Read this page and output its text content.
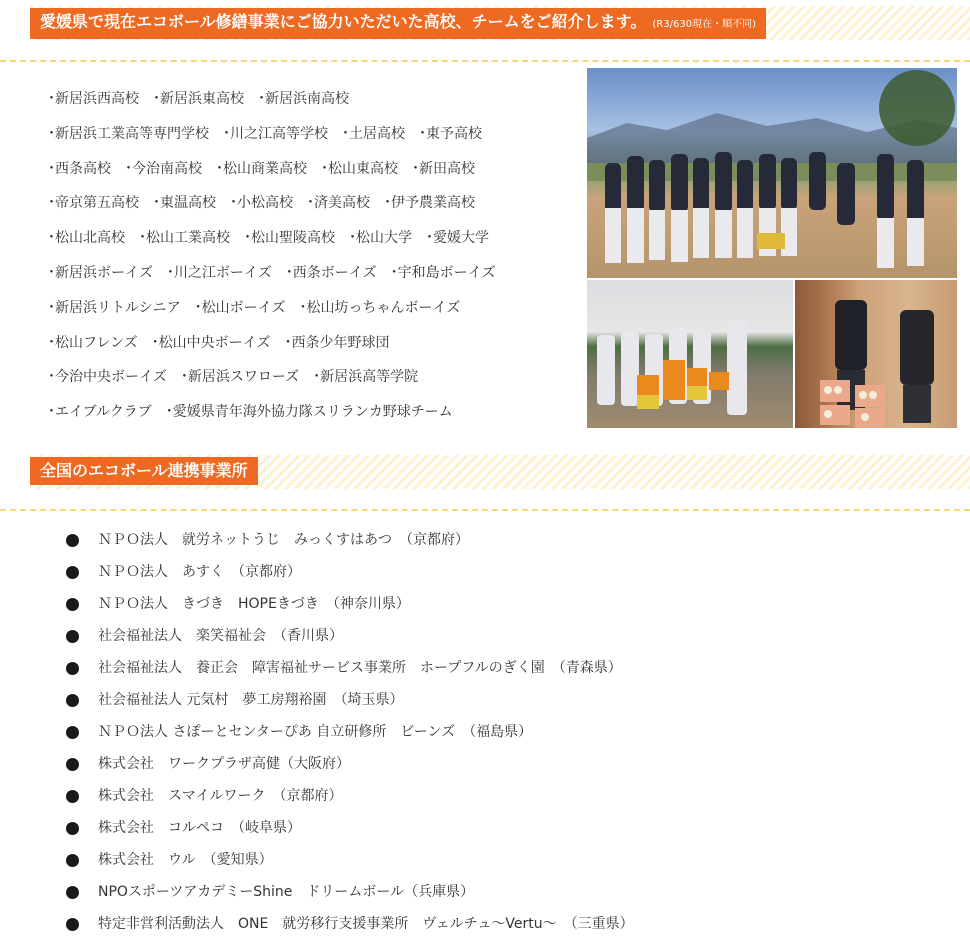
愛媛県で現在エコボール修繕事業にご協力いただいた高校、チームをご紹介します。 (R3/630現在・順不同)
･新居浜西高校　･新居浜東高校　･新居浜南高校
･新居浜工業高等専門学校　･川之江高等学校　･土居高校　･東予高校
･西条高校　･今治南高校　･松山商業高校　･松山東高校　･新田高校
･帝京第五高校　･東温高校　･小松高校　･済美高校　･伊予農業高校
･松山北高校　･松山工業高校　･松山聖陵高校　･松山大学　･愛媛大学
･新居浜ボーイズ　･川之江ボーイズ　･西条ボーイズ　･宇和島ボーイズ
･新居浜リトルシニア　･松山ボーイズ　･松山坊っちゃんボーイズ
･松山フレンズ　･松山中央ボーイズ　･西条少年野球団
･今治中央ボーイズ　･新居浜スワローズ　･新居浜高等学院
･エイブルクラブ　･愛媛県青年海外協力隊スリランカ野球チーム
全国のエコボール連携事業所
ＮＰＯ法人　就労ネットうじ　みっくすはあつ　（京都府）
ＮＰＯ法人　あすく　（京都府）
ＮＰＯ法人　きづき　HOPEきづき　（神奈川県）
社会福祉法人　楽笑福祉会　（香川県）
社会福祉法人　養正会　障害福祉サービス事業所　ホープフルのぎく園　（青森県）
社会福祉法人 元気村　夢工房翔裕園　（埼玉県）
ＮＰＯ法人 さぽーとセンターぴあ 自立研修所　ビーンズ　（福島県）
株式会社　ワークプラザ高健（大阪府）
株式会社　スマイルワーク　（京都府）
株式会社　コルペコ　（岐阜県）
株式会社　ウル　（愛知県）
NPOスポーツアカデミーShine　ドリームボール（兵庫県）
特定非営利活動法人　ONE　就労移行支援事業所　ヴェルチュ〜Vertu〜　（三重県）
